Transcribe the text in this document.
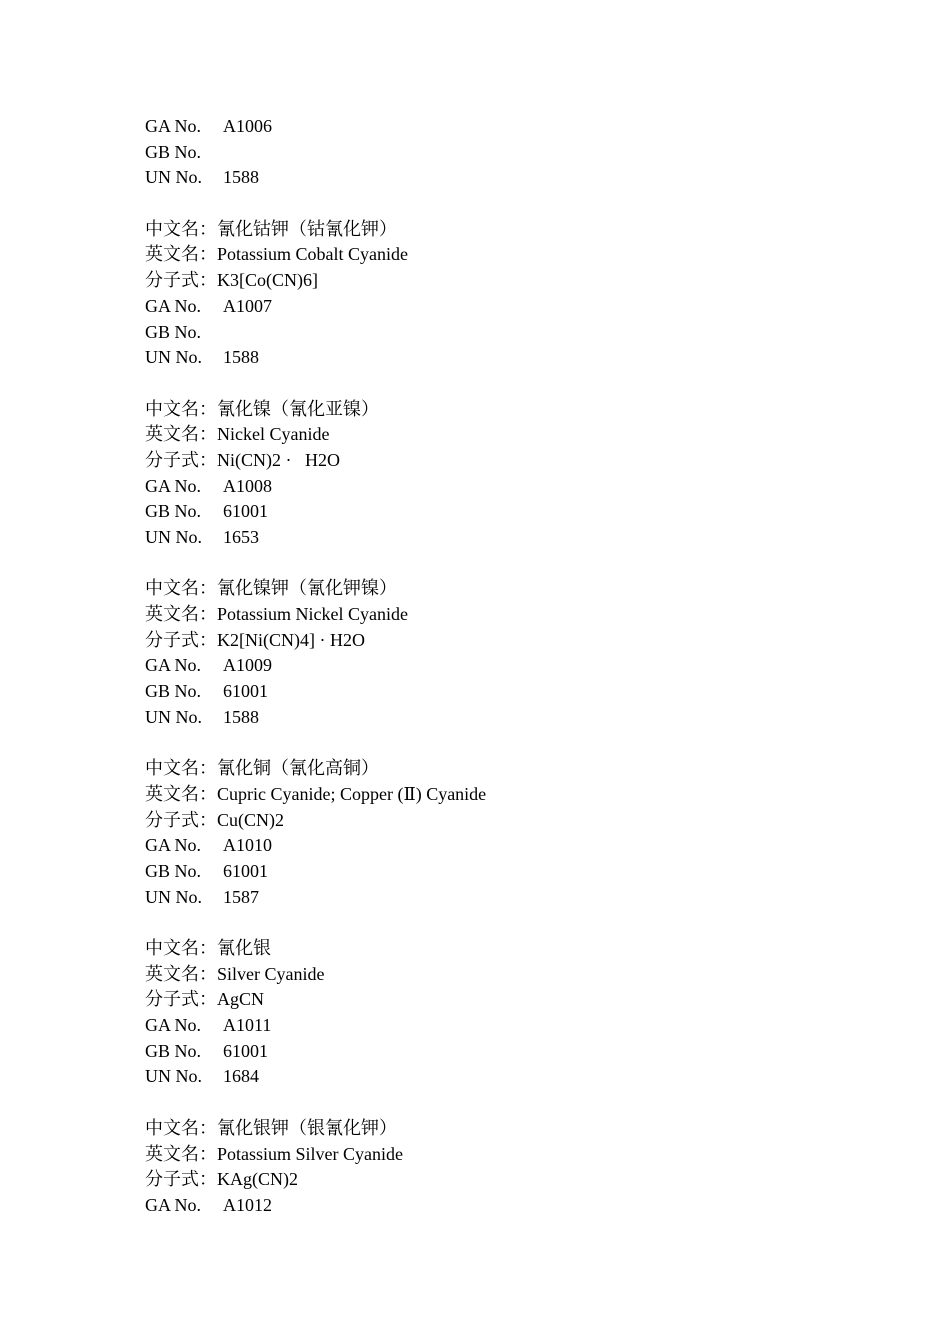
GA No. A1006
GB No.
UN No. 1588
中文名：氰化钴钾（钴氰化钾）
英文名：Potassium Cobalt Cyanide
分子式：K3[Co(CN)6]
GA No. A1007
GB No.
UN No. 1588
中文名：氰化镍（氰化亚镍）
英文名：Nickel Cyanide
分子式：Ni(CN)2 ·   H2O
GA No. A1008
GB No. 61001
UN No. 1653
中文名：氰化镍钾（氰化钾镍）
英文名：Potassium Nickel Cyanide
分子式：K2[Ni(CN)4] · H2O
GA No. A1009
GB No. 61001
UN No. 1588
中文名：氰化铜（氰化高铜）
英文名：Cupric Cyanide; Copper (Ⅱ) Cyanide
分子式：Cu(CN)2
GA No. A1010
GB No. 61001
UN No. 1587
中文名：氰化银
英文名：Silver Cyanide
分子式：AgCN
GA No. A1011
GB No. 61001
UN No. 1684
中文名：氰化银钾（银氰化钾）
英文名：Potassium Silver Cyanide
分子式：KAg(CN)2
GA No. A1012
